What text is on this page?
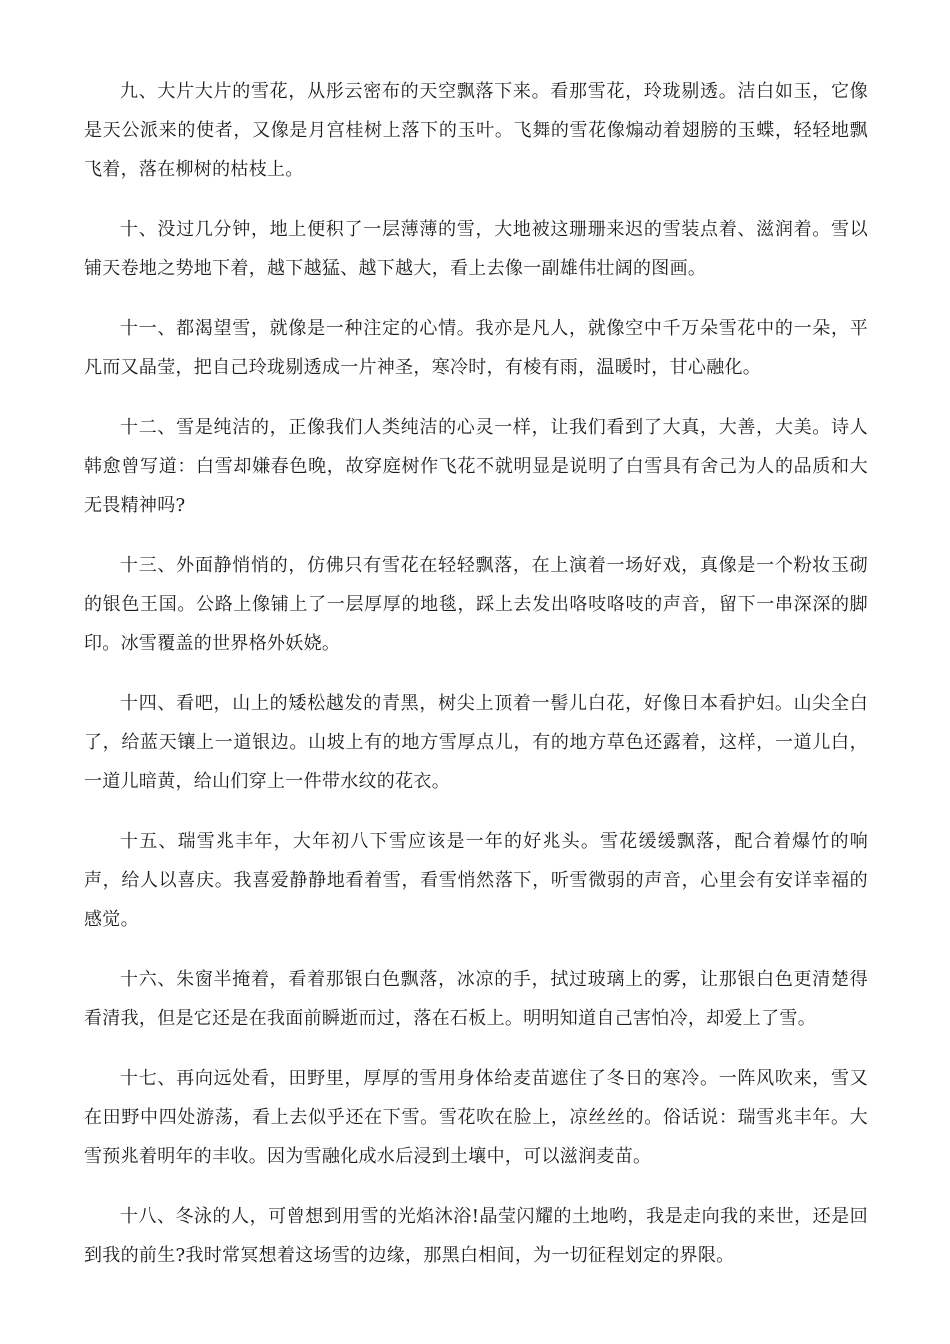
九、大片大片的雪花，从彤云密布的天空飘落下来。看那雪花，玲珑剔透。洁白如玉，它像是天公派来的使者，又像是月宫桂树上落下的玉叶。飞舞的雪花像煽动着翅膀的玉蝶，轻轻地飘飞着，落在柳树的枯枝上。

十、没过几分钟，地上便积了一层薄薄的雪，大地被这珊珊来迟的雪装点着、滋润着。雪以铺天卷地之势地下着，越下越猛、越下越大，看上去像一副雄伟壮阔的图画。

十一、都渴望雪，就像是一种注定的心情。我亦是凡人，就像空中千万朵雪花中的一朵，平凡而又晶莹，把自己玲珑剔透成一片神圣，寒冷时，有棱有雨，温暖时，甘心融化。

十二、雪是纯洁的，正像我们人类纯洁的心灵一样，让我们看到了大真，大善，大美。诗人韩愈曾写道：白雪却嫌春色晚，故穿庭树作飞花不就明显是说明了白雪具有舍己为人的品质和大无畏精神吗?

十三、外面静悄悄的，仿佛只有雪花在轻轻飘落，在上演着一场好戏，真像是一个粉妆玉砌的银色王国。公路上像铺上了一层厚厚的地毯，踩上去发出咯吱咯吱的声音，留下一串深深的脚印。冰雪覆盖的世界格外妖娆。

十四、看吧，山上的矮松越发的青黑，树尖上顶着一髻儿白花，好像日本看护妇。山尖全白了，给蓝天镶上一道银边。山坡上有的地方雪厚点儿，有的地方草色还露着，这样，一道儿白，一道儿暗黄，给山们穿上一件带水纹的花衣。

十五、瑞雪兆丰年，大年初八下雪应该是一年的好兆头。雪花缓缓飘落，配合着爆竹的响声，给人以喜庆。我喜爱静静地看着雪，看雪悄然落下，听雪微弱的声音，心里会有安详幸福的感觉。

十六、朱窗半掩着，看着那银白色飘落，冰凉的手，拭过玻璃上的雾，让那银白色更清楚得看清我，但是它还是在我面前瞬逝而过，落在石板上。明明知道自己害怕冷，却爱上了雪。

十七、再向远处看，田野里，厚厚的雪用身体给麦苗遮住了冬日的寒冷。一阵风吹来，雪又在田野中四处游荡，看上去似乎还在下雪。雪花吹在脸上，凉丝丝的。俗话说：瑞雪兆丰年。大雪预兆着明年的丰收。因为雪融化成水后浸到土壤中，可以滋润麦苗。

十八、冬泳的人，可曾想到用雪的光焰沐浴!晶莹闪耀的土地哟，我是走向我的来世，还是回到我的前生?我时常冥想着这场雪的边缘，那黑白相间，为一切征程划定的界限。
